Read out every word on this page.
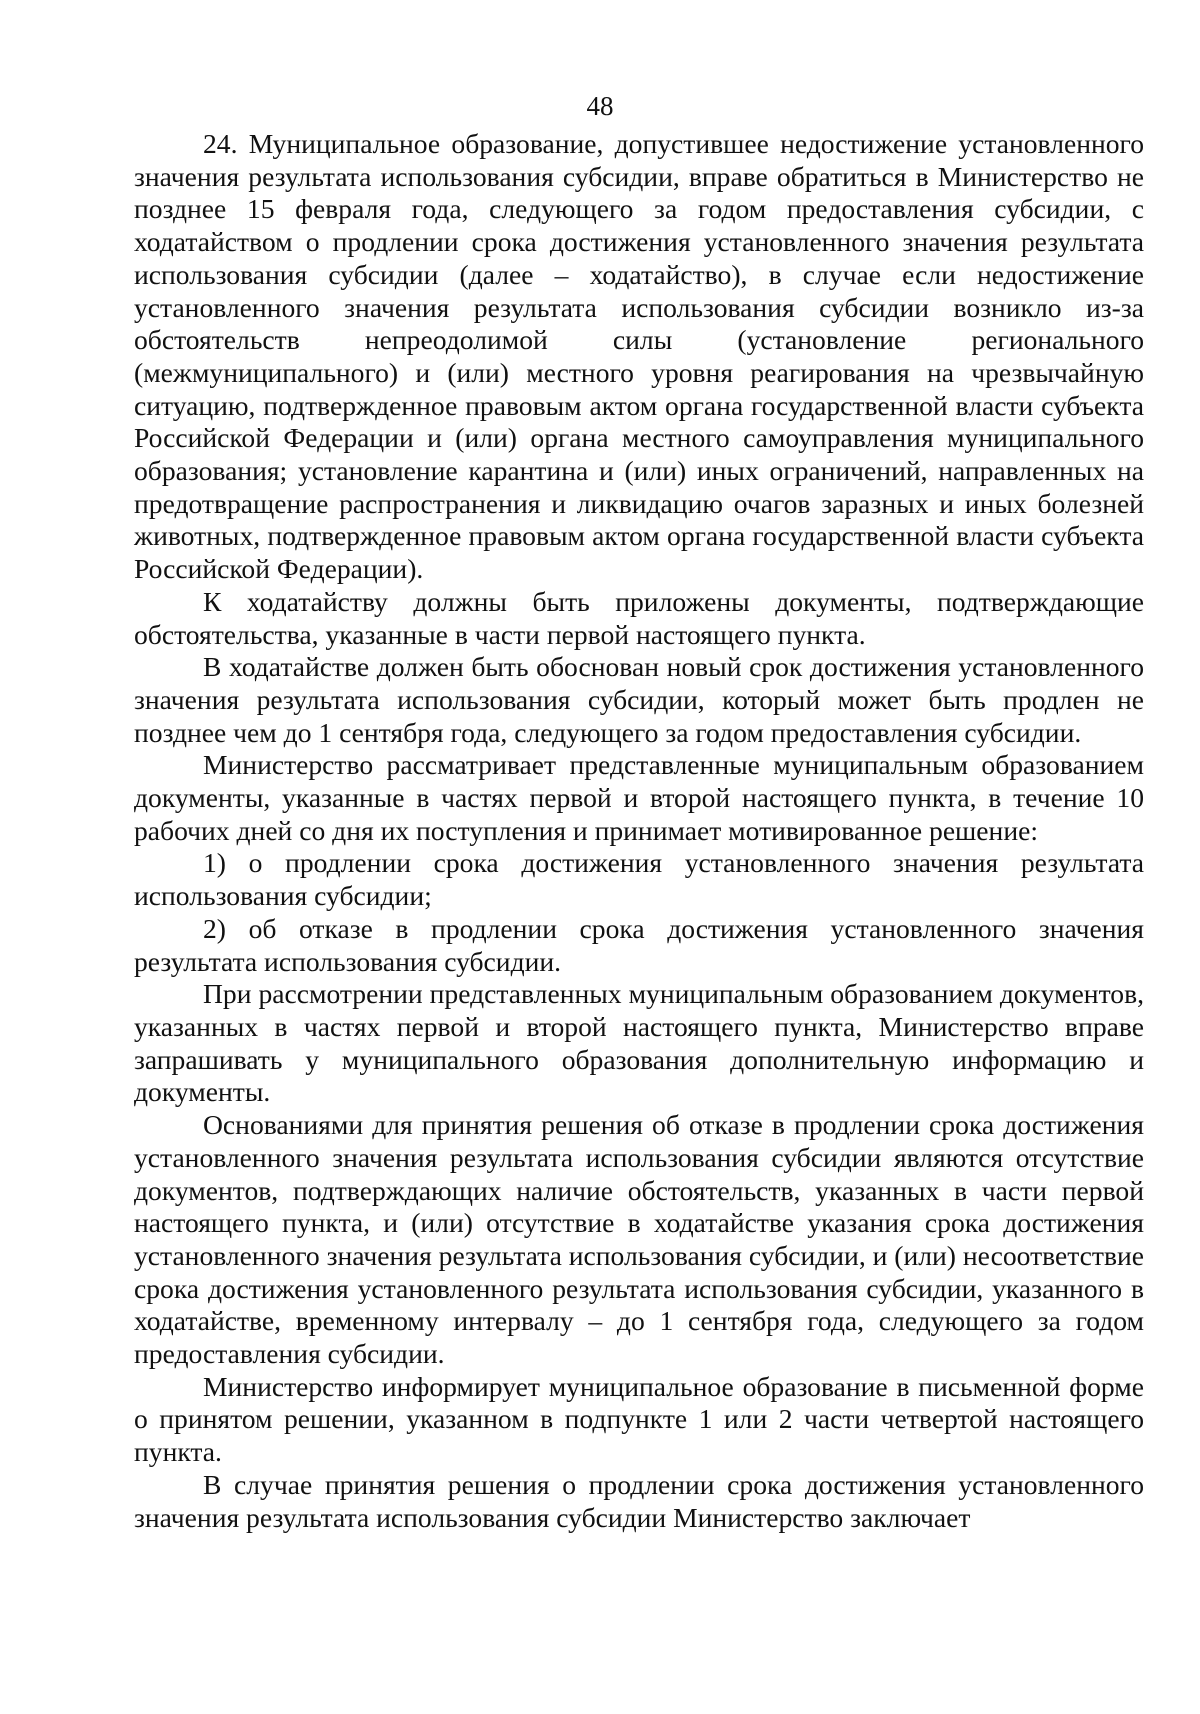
48

24. Муниципальное образование, допустившее недостижение установленного значения результата использования субсидии, вправе обратиться в Министерство не позднее 15 февраля года, следующего за годом предоставления субсидии, с ходатайством о продлении срока достижения установленного значения результата использования субсидии (далее – ходатайство), в случае если недостижение установленного значения результата использования субсидии возникло из-за обстоятельств непреодолимой силы (установление регионального (межмуниципального) и (или) местного уровня реагирования на чрезвычайную ситуацию, подтвержденное правовым актом органа государственной власти субъекта Российской Федерации и (или) органа местного самоуправления муниципального образования; установление карантина и (или) иных ограничений, направленных на предотвращение распространения и ликвидацию очагов заразных и иных болезней животных, подтвержденное правовым актом органа государственной власти субъекта Российской Федерации).

К ходатайству должны быть приложены документы, подтверждающие обстоятельства, указанные в части первой настоящего пункта.

В ходатайстве должен быть обоснован новый срок достижения установленного значения результата использования субсидии, который может быть продлен не позднее чем до 1 сентября года, следующего за годом предоставления субсидии.

Министерство рассматривает представленные муниципальным образованием документы, указанные в частях первой и второй настоящего пункта, в течение 10 рабочих дней со дня их поступления и принимает мотивированное решение:

1) о продлении срока достижения установленного значения результата использования субсидии;

2) об отказе в продлении срока достижения установленного значения результата использования субсидии.

При рассмотрении представленных муниципальным образованием документов, указанных в частях первой и второй настоящего пункта, Министерство вправе запрашивать у муниципального образования дополнительную информацию и документы.

Основаниями для принятия решения об отказе в продлении срока достижения установленного значения результата использования субсидии являются отсутствие документов, подтверждающих наличие обстоятельств, указанных в части первой настоящего пункта, и (или) отсутствие в ходатайстве указания срока достижения установленного значения результата использования субсидии, и (или) несоответствие срока достижения установленного результата использования субсидии, указанного в ходатайстве, временному интервалу – до 1 сентября года, следующего за годом предоставления субсидии.

Министерство информирует муниципальное образование в письменной форме о принятом решении, указанном в подпункте 1 или 2 части четвертой настоящего пункта.

В случае принятия решения о продлении срока достижения установленного значения результата использования субсидии Министерство заключает
